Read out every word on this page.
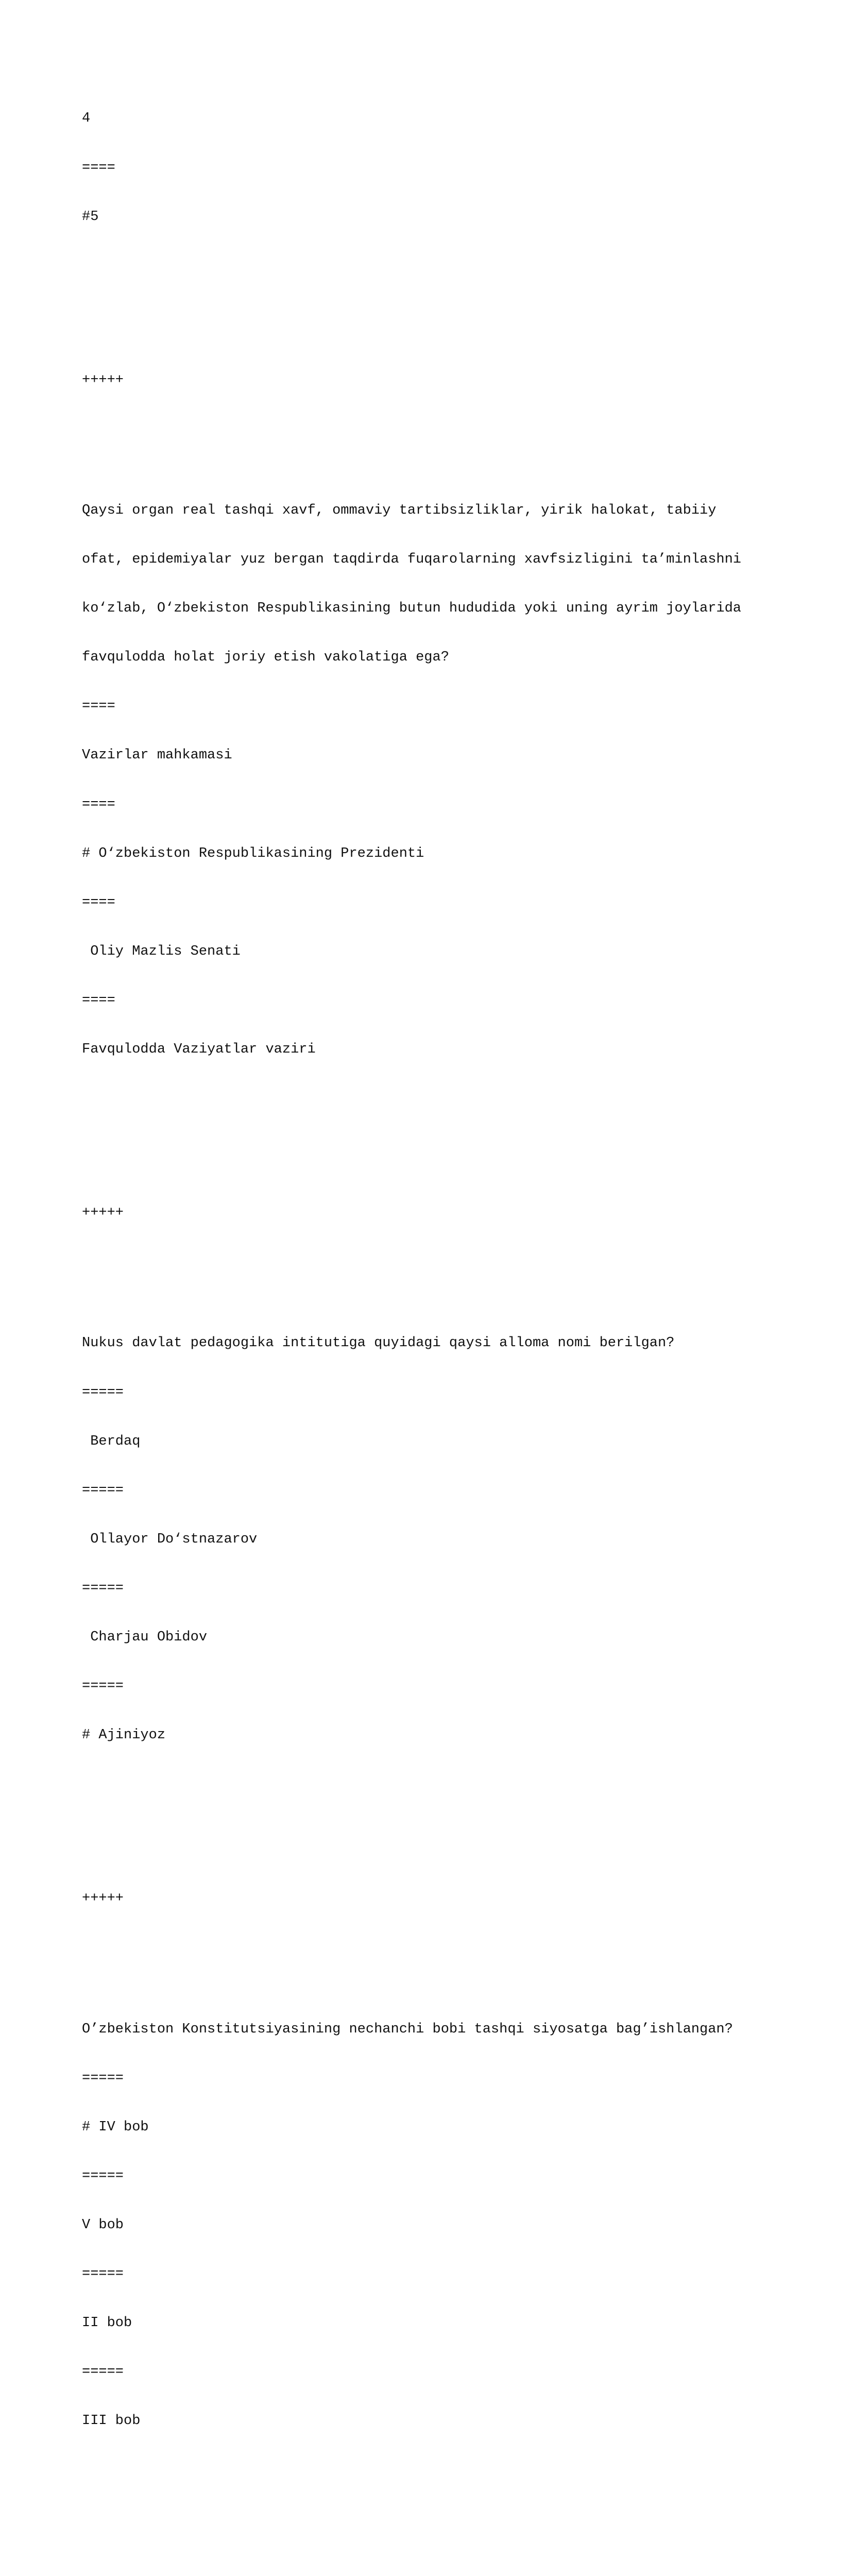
4

====

#5

+++++

Qaysi organ real tashqi xavf, ommaviy tartibsizliklar, yirik halokat, tabiiy

ofat, epidemiyalar yuz bergan taqdirda fuqarolarning xavfsizligini ta’minlashni

ko‘zlab, O‘zbekiston Respublikasining butun hududida yoki uning ayrim joylarida

favqulodda holat joriy etish vakolatiga ega?

====

Vazirlar mahkamasi

====

# O‘zbekiston Respublikasining Prezidenti

====

Oliy Mazlis Senati

====

Favqulodda Vaziyatlar vaziri

+++++

Nukus davlat pedagogika intitutiga quyidagi qaysi alloma nomi berilgan?

=====

Berdaq

=====

Ollayor Do‘stnazarov

=====

Charjau Obidov

=====

# Ajiniyoz

+++++

O’zbekiston Konstitutsiyasining nechanchi bobi tashqi siyosatga bag’ishlangan?

=====

# IV bob

=====

V bob

=====

II bob

=====

III bob
